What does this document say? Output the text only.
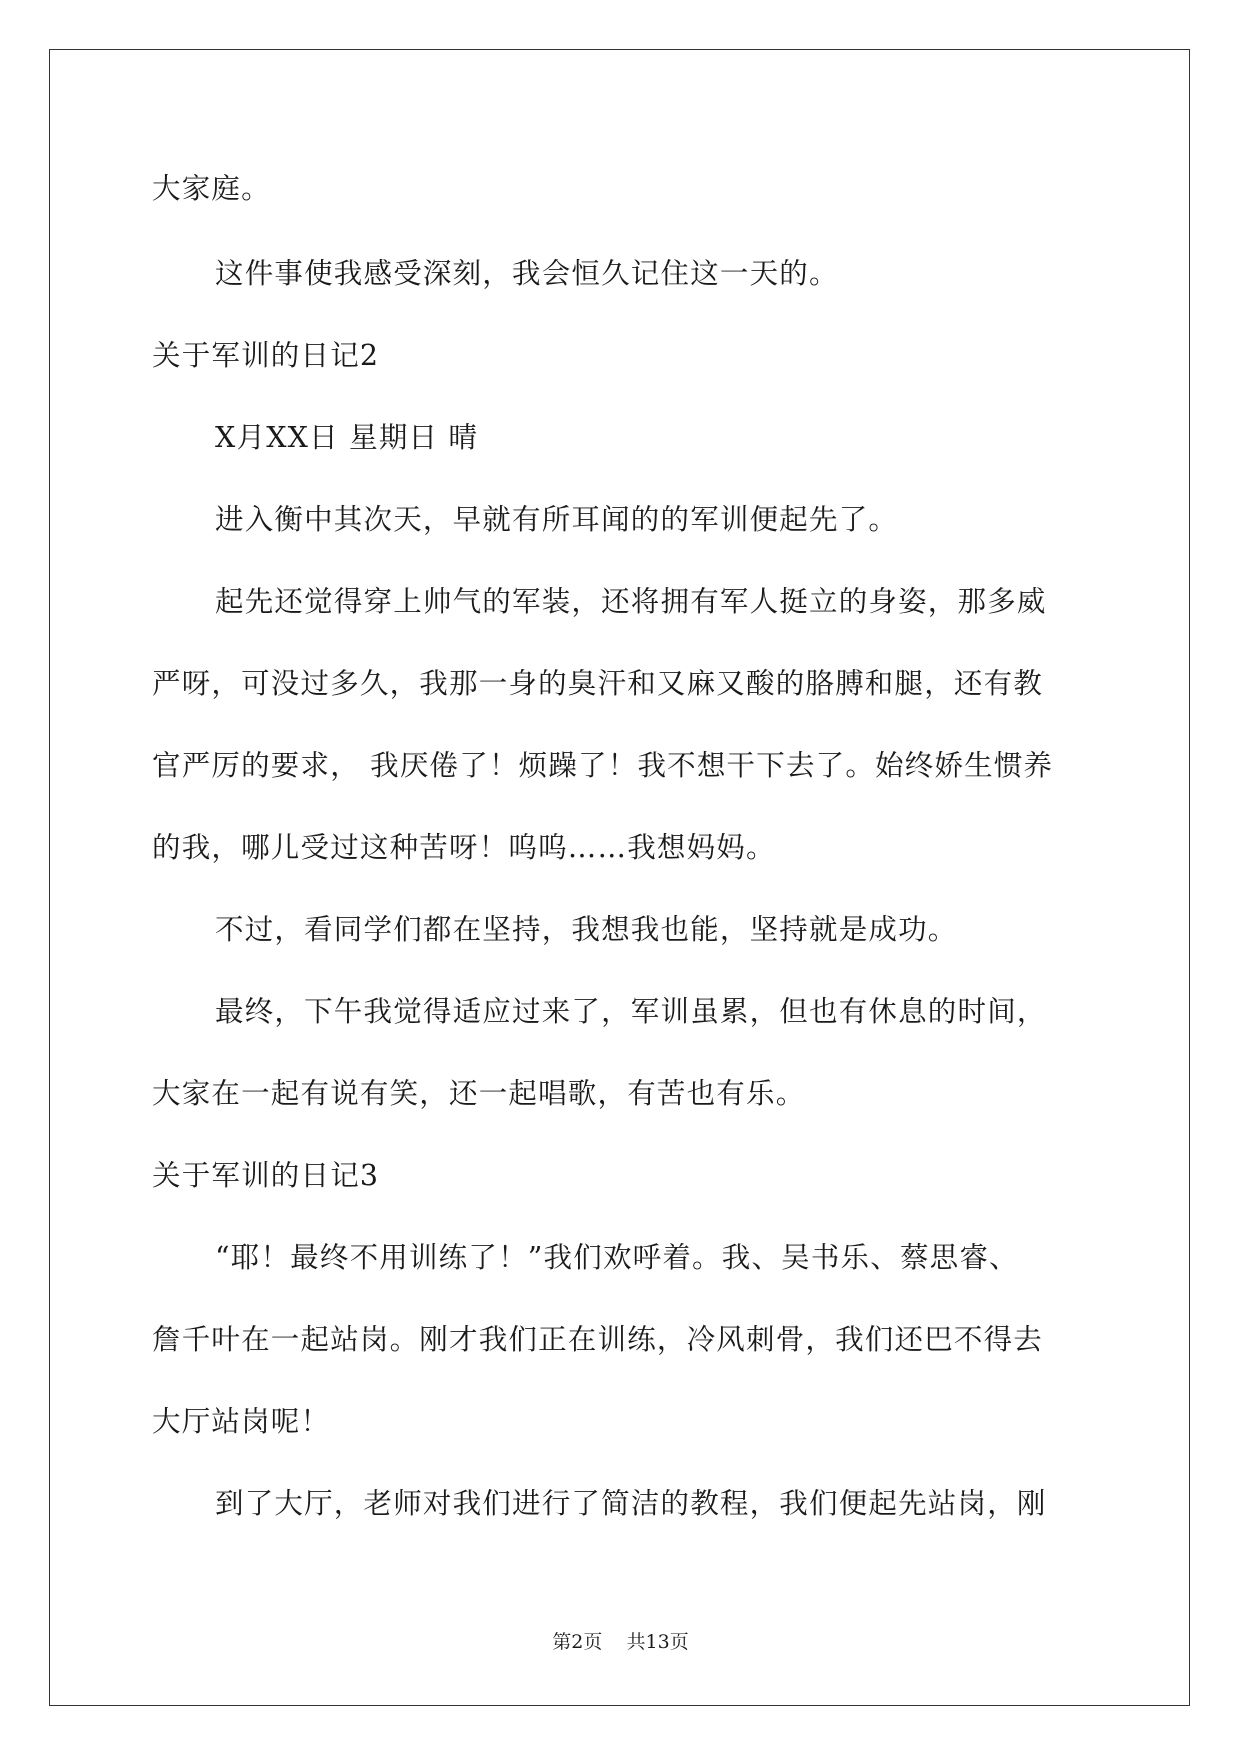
大家庭。
这件事使我感受深刻，我会恒久记住这一天的。
关于军训的日记2
X月XX日 星期日 晴
进入衡中其次天，早就有所耳闻的的军训便起先了。
起先还觉得穿上帅气的军装，还将拥有军人挺立的身姿，那多威
严呀，可没过多久，我那一身的臭汗和又麻又酸的胳膊和腿，还有教
官严厉的要求， 我厌倦了！烦躁了！我不想干下去了。始终娇生惯养
的我，哪儿受过这种苦呀！呜呜……我想妈妈。
不过，看同学们都在坚持，我想我也能，坚持就是成功。
最终，下午我觉得适应过来了，军训虽累，但也有休息的时间，
大家在一起有说有笑，还一起唱歌，有苦也有乐。
关于军训的日记3
“耶！最终不用训练了！”我们欢呼着。我、吴书乐、蔡思睿、
詹千叶在一起站岗。刚才我们正在训练，冷风刺骨，我们还巴不得去
大厅站岗呢！
到了大厅，老师对我们进行了简洁的教程，我们便起先站岗，刚
第2页 共13页
